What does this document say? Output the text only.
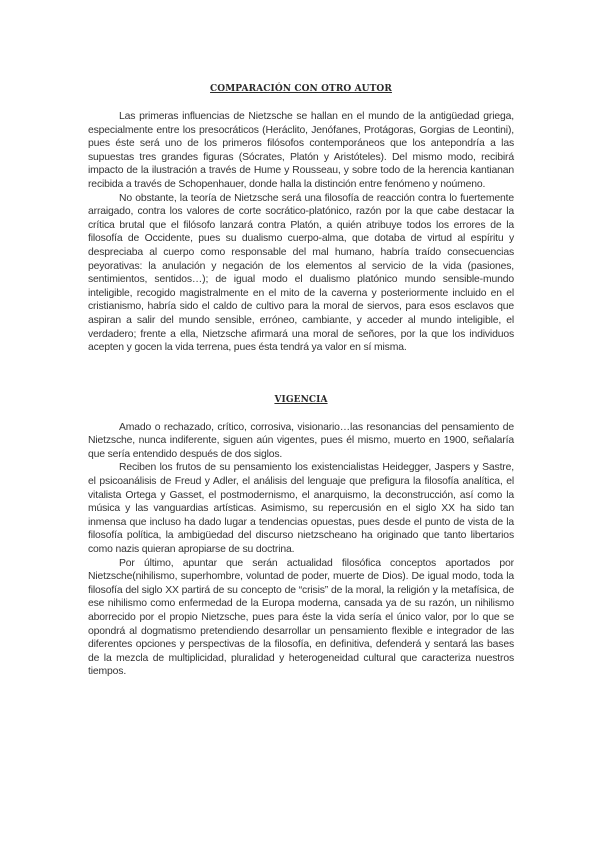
COMPARACIÓN CON OTRO AUTOR

Las primeras influencias de Nietzsche se hallan en el mundo de la antigüedad griega, especialmente entre los presocráticos (Heráclito, Jenófanes, Protágoras, Gorgias de Leontini), pues éste será uno de los primeros filósofos contemporáneos que los antepondría a las supuestas tres grandes figuras (Sócrates, Platón y Aristóteles). Del mismo modo, recibirá impacto de la ilustración a través de Hume y Rousseau, y sobre todo de la herencia kantianan recibida a través de Schopenhauer, donde halla la distinción entre fenómeno y noúmeno.

No obstante, la teoría de Nietzsche será una filosofía de reacción contra lo fuertemente arraigado, contra los valores de corte socrático-platónico, razón por la que cabe destacar la crítica brutal que el filósofo lanzará contra Platón, a quién atribuye todos los errores de la filosofía de Occidente, pues su dualismo cuerpo-alma, que dotaba de virtud al espíritu y despreciaba al cuerpo como responsable del mal humano, habría traído consecuencias peyorativas: la anulación y negación de los elementos al servicio de la vida (pasiones, sentimientos, sentidos…); de igual modo el dualismo platónico mundo sensible-mundo inteligible, recogido magistralmente en el mito de la caverna y posteriormente incluido en el cristianismo, habría sido el caldo de cultivo para la moral de siervos, para esos esclavos que aspiran a salir del mundo sensible, erróneo, cambiante, y acceder al mundo inteligible, el verdadero; frente a ella, Nietzsche afirmará una moral de señores, por la que los individuos acepten y gocen la vida terrena, pues ésta tendrá ya valor en sí misma.

VIGENCIA

Amado o rechazado, crítico, corrosiva, visionario…las resonancias del pensamiento de Nietzsche, nunca indiferente, siguen aún vigentes, pues él mismo, muerto en 1900, señalaría que sería entendido después de dos siglos.

Reciben los frutos de su pensamiento los existencialistas Heidegger, Jaspers y Sastre, el psicoanálisis de Freud y Adler, el análisis del lenguaje que prefigura la filosofía analítica, el vitalista Ortega y Gasset, el postmodernismo, el anarquismo, la deconstrucción, así como la música y las vanguardias artísticas. Asimismo, su repercusión en el siglo XX ha sido tan inmensa que incluso ha dado lugar a tendencias opuestas, pues desde el punto de vista de la filosofía política, la ambigüedad del discurso nietzscheano ha originado que tanto libertarios como nazis quieran apropiarse de su doctrina.

Por último, apuntar que serán actualidad filosófica conceptos aportados por Nietzsche(nihilismo, superhombre, voluntad de poder, muerte de Dios). De igual modo, toda la filosofía del siglo XX partirá de su concepto de “crisis” de la moral, la religión y la metafísica, de ese nihilismo como enfermedad de la Europa moderna, cansada ya de su razón, un nihilismo aborrecido por el propio Nietzsche, pues para éste la vida sería el único valor, por lo que se opondrá al dogmatismo pretendiendo desarrollar un pensamiento flexible e integrador de las diferentes opciones y perspectivas de la filosofía, en definitiva, defenderá y sentará las bases de la mezcla de multiplicidad, pluralidad y heterogeneidad cultural que caracteriza nuestros tiempos.
